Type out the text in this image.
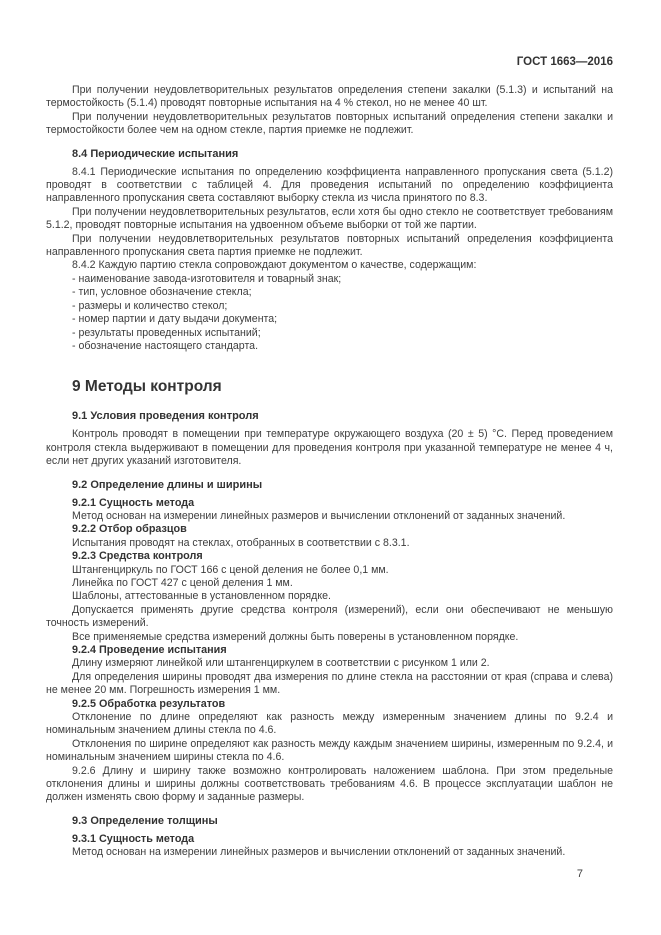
ГОСТ 1663—2016

При получении неудовлетворительных результатов определения степени закалки (5.1.3) и испытаний на термостойкость (5.1.4) проводят повторные испытания на 4 % стекол, но не менее 40 шт.

При получении неудовлетворительных результатов повторных испытаний определения степени закалки и термостойкости более чем на одном стекле, партия приемке не подлежит.

8.4 Периодические испытания

8.4.1 Периодические испытания по определению коэффициента направленного пропускания света (5.1.2) проводят в соответствии с таблицей 4. Для проведения испытаний по определению коэффициента направленного пропускания света составляют выборку стекла из числа принятого по 8.3.

При получении неудовлетворительных результатов, если хотя бы одно стекло не соответствует требованиям 5.1.2, проводят повторные испытания на удвоенном объеме выборки от той же партии.

При получении неудовлетворительных результатов повторных испытаний определения коэффициента направленного пропускания света партия приемке не подлежит.

8.4.2 Каждую партию стекла сопровождают документом о качестве, содержащим:

- наименование завода-изготовителя и товарный знак;

- тип, условное обозначение стекла;

- размеры и количество стекол;

- номер партии и дату выдачи документа;

- результаты проведенных испытаний;

- обозначение настоящего стандарта.

9 Методы контроля
9.1 Условия проведения контроля

Контроль проводят в помещении при температуре окружающего воздуха (20 ± 5) °С. Перед проведением контроля стекла выдерживают в помещении для проведения контроля при указанной температуре не менее 4 ч, если нет других указаний изготовителя.

9.2 Определение длины и ширины
9.2.1 Сущность метода

Метод основан на измерении линейных размеров и вычислении отклонений от заданных значений.

9.2.2 Отбор образцов

Испытания проводят на стеклах, отобранных в соответствии с 8.3.1.

9.2.3 Средства контроля

Штангенциркуль по ГОСТ 166 с ценой деления не более 0,1 мм.

Линейка по ГОСТ 427 с ценой деления 1 мм.

Шаблоны, аттестованные в установленном порядке.

Допускается применять другие средства контроля (измерений), если они обеспечивают не меньшую точность измерений.

Все применяемые средства измерений должны быть поверены в установленном порядке.

9.2.4 Проведение испытания

Длину измеряют линейкой или штангенциркулем в соответствии с рисунком 1 или 2.

Для определения ширины проводят два измерения по длине стекла на расстоянии от края (справа и слева) не менее 20 мм. Погрешность измерения 1 мм.

9.2.5 Обработка результатов

Отклонение по длине определяют как разность между измеренным значением длины по 9.2.4 и номинальным значением длины стекла по 4.6.

Отклонения по ширине определяют как разность между каждым значением ширины, измеренным по 9.2.4, и номинальным значением ширины стекла по 4.6.

9.2.6 Длину и ширину также возможно контролировать наложением шаблона. При этом предельные отклонения длины и ширины должны соответствовать требованиям 4.6. В процессе эксплуатации шаблон не должен изменять свою форму и заданные размеры.

9.3 Определение толщины
9.3.1 Сущность метода

Метод основан на измерении линейных размеров и вычислении отклонений от заданных значений.

7
